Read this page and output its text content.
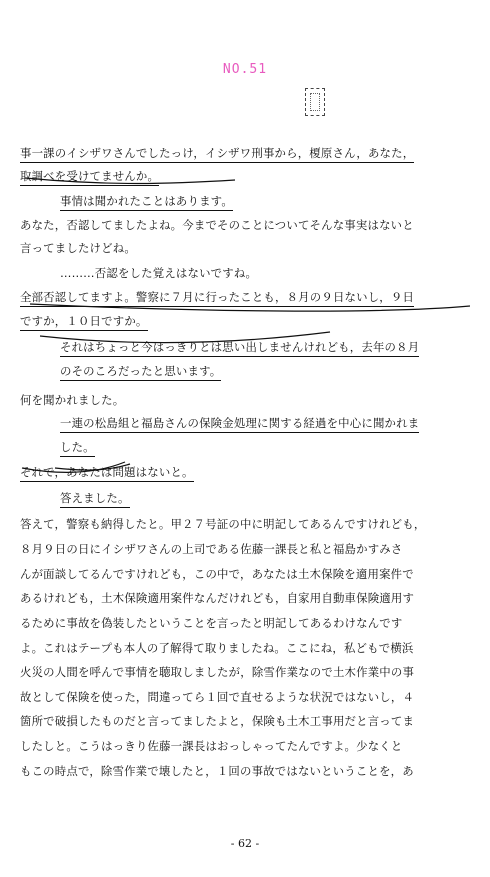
NO.51
事一課のイシザワさんでしたっけ，イシザワ刑事から，榎原さん，あなた，
取調べを受けてませんか。
事情は聞かれたことはあります。
あなた，否認してましたよね。今までそのことについてそんな事実はないと
言ってましたけどね。
………否認をした覚えはないですね。
全部否認してますよ。警察に７月に行ったことも，８月の９日ないし，９日
ですか，１０日ですか。
それはちょっと今はっきりとは思い出しませんけれども，去年の８月
のそのころだったと思います。
何を聞かれました。
一連の松島組と福島さんの保険金処理に関する経過を中心に聞かれま
した。
それで，あなたは問題はないと。
答えました。
答えて，警察も納得したと。甲２７号証の中に明記してあるんですけれども，
８月９日の日にイシザワさんの上司である佐藤一課長と私と福島かすみさ
んが面談してるんですけれども，この中で，あなたは土木保険を適用案件で
あるけれども，土木保険適用案件なんだけれども，自家用自動車保険適用す
るために事故を偽装したということを言ったと明記してあるわけなんです
よ。これはテープも本人の了解得て取りましたね。ここにね，私どもで横浜
火災の人間を呼んで事情を聴取しましたが，除雪作業なので土木作業中の事
故として保険を使った，問違ってら１回で直せるような状況ではないし，４
箇所で破損したものだと言ってましたよと，保険も土木工事用だと言ってま
したしと。こうはっきり佐藤一課長はおっしゃってたんですよ。少なくと
もこの時点で，除雪作業で壊したと，１回の事故ではないということを，あ
- 62 -
